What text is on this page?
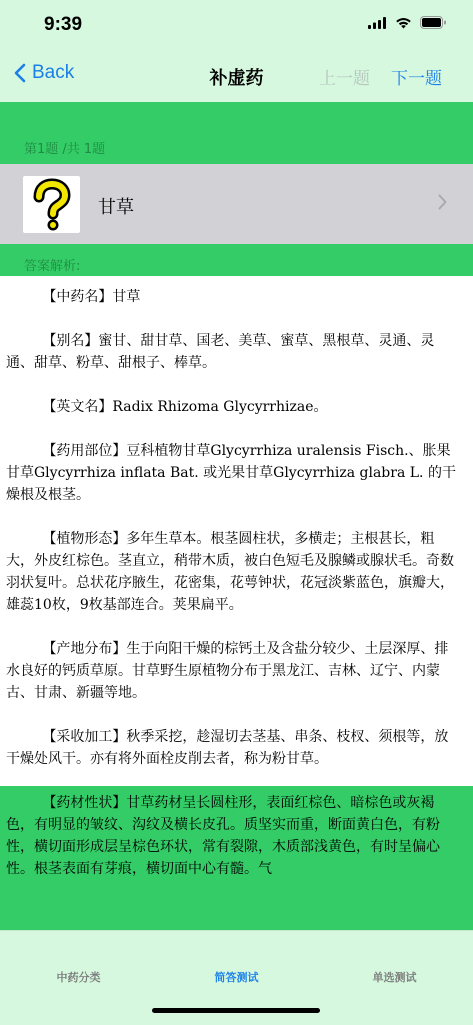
9:39
Back	补虚药	上一题 下一题
第1题 /共 1题
甘草
答案解析:

【中药名】甘草

【别名】蜜甘、甜甘草、国老、美草、蜜草、黑根草、灵通、灵通、甜草、粉草、甜根子、棒草。

【英文名】Radix Rhizoma Glycyrrhizae。

【药用部位】豆科植物甘草Glycyrrhiza uralensis Fisch.、胀果甘草Glycyrrhiza inflata Bat. 或光果甘草Glycyrrhiza glabra L. 的干燥根及根茎。

【植物形态】多年生草本。根茎圆柱状，多横走；主根甚长，粗大，外皮红棕色。茎直立，稍带木质，被白色短毛及腺鳞或腺状毛。奇数羽状复叶。总状花序腋生，花密集，花萼钟状，花冠淡紫蓝色，旗瓣大，雄蕊10枚，9枚基部连合。荚果扁平。

【产地分布】生于向阳干燥的棕钙土及含盐分较少、土层深厚、排水良好的钙质草原。甘草野生原植物分布于黑龙江、吉林、辽宁、内蒙古、甘肃、新疆等地。

【采收加工】秋季采挖，趁湿切去茎基、串条、枝杈、须根等，放干燥处风干。亦有将外面栓皮削去者，称为粉甘草。

【药材性状】甘草药材呈长圆柱形，表面红棕色、暗棕色或灰褐色，有明显的皱纹、沟纹及横长皮孔。质坚实而重，断面黄白色，有粉性，横切面形成层呈棕色环状，常有裂隙，木质部浅黄色，有时呈偏心性。根茎表面有芽痕，横切面中心有髓。气

中药分类	简答测试	单选测试
